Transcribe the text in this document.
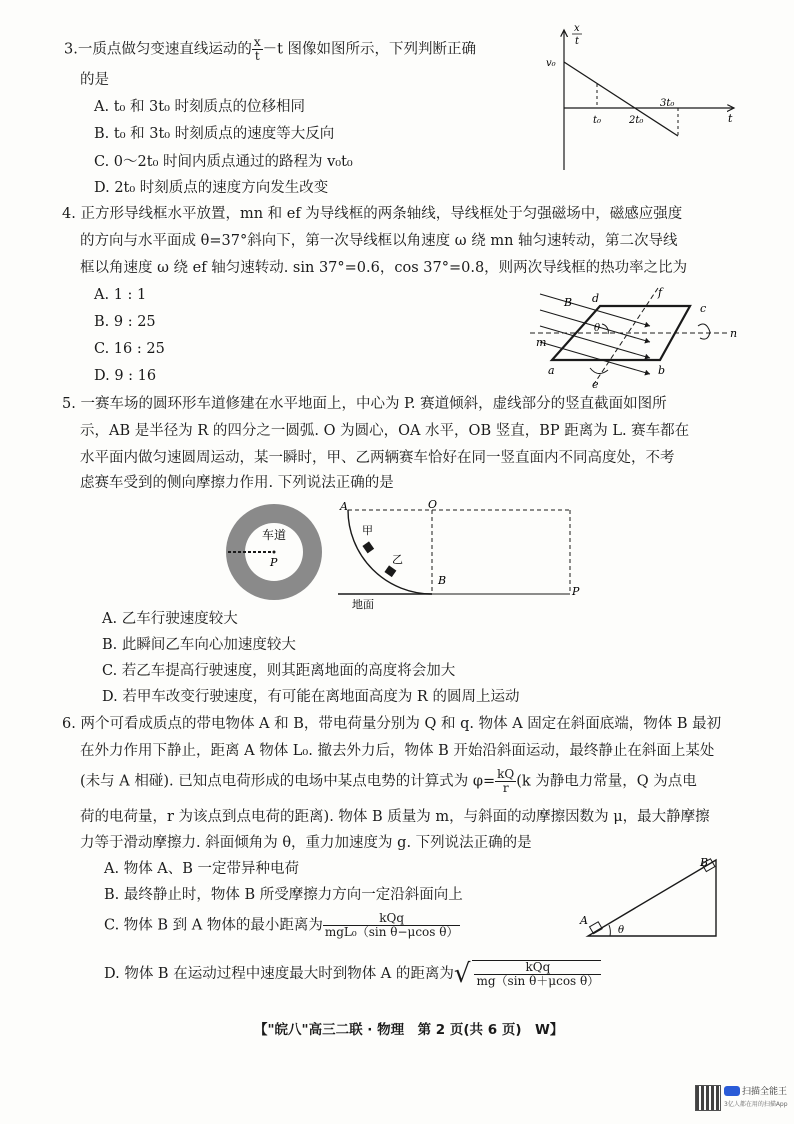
3.一质点做匀变速直线运动的 $\frac{x}{t} -t$ 图像如图所示，下列判断正确
的是
A. t₀ 和 3t₀ 时刻质点的位移相同
B. t₀ 和 3t₀ 时刻质点的速度等大反向
C. 0～2t₀ 时间内质点通过的路程为 v₀t₀
D. 2t₀ 时刻质点的速度方向发生改变
x
t
v₀
t
t₀	2t₀
3t₀
4. 正方形导线框水平放置，mn 和 ef 为导线框的两条轴线，导线框处于匀强磁场中，磁感应强度
的方向与水平面成 θ=37°斜向下，第一次导线框以角速度 ω 绕 mn 轴匀速转动，第二次导线
框以角速度 ω 绕 ef 轴匀速转动. sin 37°=0.6，cos 37°=0.8，则两次导线框的热功率之比为
A. 1 : 1
B. 9 : 25
C. 16 : 25
D. 9 : 16
B d	f
c
θ
m
n
a	b
e
5. 一赛车场的圆环形车道修建在水平地面上，中心为 P. 赛道倾斜，虚线部分的竖直截面如图所
示，AB 是半径为 R 的四分之一圆弧. O 为圆心，OA 水平，OB 竖直，BP 距离为 L. 赛车都在
水平面内做匀速圆周运动，某一瞬时，甲、乙两辆赛车恰好在同一竖直面内不同高度处，不考
虑赛车受到的侧向摩擦力作用. 下列说法正确的是
车道
P
A	O
甲
乙
B
地面
P
A. 乙车行驶速度较大
B. 此瞬间乙车向心加速度较大
C. 若乙车提高行驶速度，则其距离地面的高度将会加大
D. 若甲车改变行驶速度，有可能在离地面高度为 R 的圆周上运动
6. 两个可看成质点的带电物体 A 和 B，带电荷量分别为 Q 和 q. 物体 A 固定在斜面底端，物体 B 最初
在外力作用下静止，距离 A 物体 L₀. 撤去外力后，物体 B 开始沿斜面运动，最终静止在斜面上某处
(未与 A 相碰). 已知点电荷形成的电场中某点电势的计算式为 $\varphi= \frac{kQ}{r} (k$ 为静电力常量，Q 为点电
荷的电荷量，r 为该点到点电荷的距离). 物体 B 质量为 m，与斜面的动摩擦因数为 μ，最大静摩擦
力等于滑动摩擦力. 斜面倾角为 θ，重力加速度为 g. 下列说法正确的是
A. 物体 A、B 一定带异种电荷
B. 最终静止时，物体 B 所受摩擦力方向一定沿斜面向上
C. 物体 B 到 A 物体的最小距离为 $\frac{\text{kQq}}{\text{mgL₀（sin θ−μcos θ）}}$
D. 物体 B 在运动过程中速度最大时到物体 A 的距离为√ $\frac{\text{kQq}}{\text{mg（sin θ＋μcos θ）}}$
A
B
θ
【"皖八"高三二联 · 物理　第 2 页(共 6 页)　W】
扫描全能王
3亿人都在用的扫描App
